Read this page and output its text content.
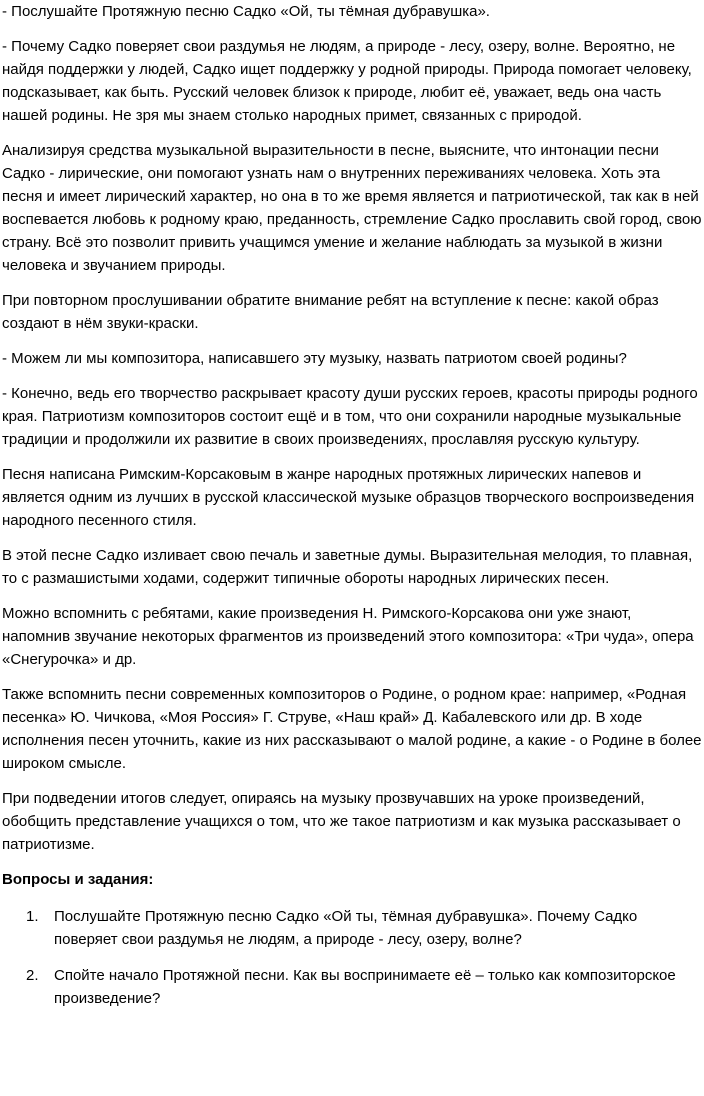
- Послушайте Протяжную песню Садко «Ой, ты тёмная дубравушка».

- Почему Садко поверяет свои раздумья не людям, а природе - лесу, озеру, волне. Вероятно, не найдя поддержки у людей, Садко ищет поддержку у родной природы. Природа помогает человеку, подсказывает, как быть. Русский человек близок к природе, любит её, уважает, ведь она часть нашей родины. Не зря мы знаем столько народных примет, связанных с природой.

Анализируя средства музыкальной выразительности в песне, выясните, что интонации песни Садко - лирические, они помогают узнать нам о внутренних переживаниях человека. Хоть эта песня и имеет лирический характер, но она в то же время является и патриотической, так как в ней воспевается любовь к родному краю, преданность, стремление Садко прославить свой город, свою страну. Всё это позволит привить учащимся умение и желание наблюдать за музыкой в жизни человека и звучанием природы.

При повторном прослушивании обратите внимание ребят на вступление к песне: какой образ создают в нём звуки-краски.

- Можем ли мы композитора, написавшего эту музыку, назвать патриотом своей родины?

- Конечно, ведь его творчество раскрывает красоту души русских героев, красоты природы родного края. Патриотизм композиторов состоит ещё и в том, что они сохранили народные музыкальные традиции и продолжили их развитие в своих произведениях, прославляя русскую культуру.

Песня написана Римским-Корсаковым в жанре народных протяжных лирических напевов и является одним из лучших в русской классической музыке образцов творческого воспроизведения народного песенного стиля.

В этой песне Садко изливает свою печаль и заветные думы. Выразительная мелодия, то плавная, то с размашистыми ходами, содержит типичные обороты народных лирических песен.

Можно вспомнить с ребятами, какие произведения Н. Римского-Корсакова они уже знают, напомнив звучание некоторых фрагментов из произведений этого композитора: «Три чуда», опера «Снегурочка» и др.

Также вспомнить песни современных композиторов о Родине, о родном крае: например, «Родная песенка» Ю. Чичкова, «Моя Россия» Г. Струве, «Наш край» Д. Кабалевского или др. В ходе исполнения песен уточнить, какие из них рассказывают о малой родине, а какие - о Родине в более широком смысле.

При подведении итогов следует, опираясь на музыку прозвучавших на уроке произведений, обобщить представление учащихся о том, что же такое патриотизм и как музыка рассказывает о патриотизме.

Вопросы и задания:

1.	Послушайте Протяжную песню Садко «Ой ты, тёмная дубравушка». Почему Садко поверяет свои раздумья не людям, а природе - лесу, озеру, волне?
2.	Спойте начало Протяжной песни. Как вы воспринимаете её – только как композиторское произведение?
